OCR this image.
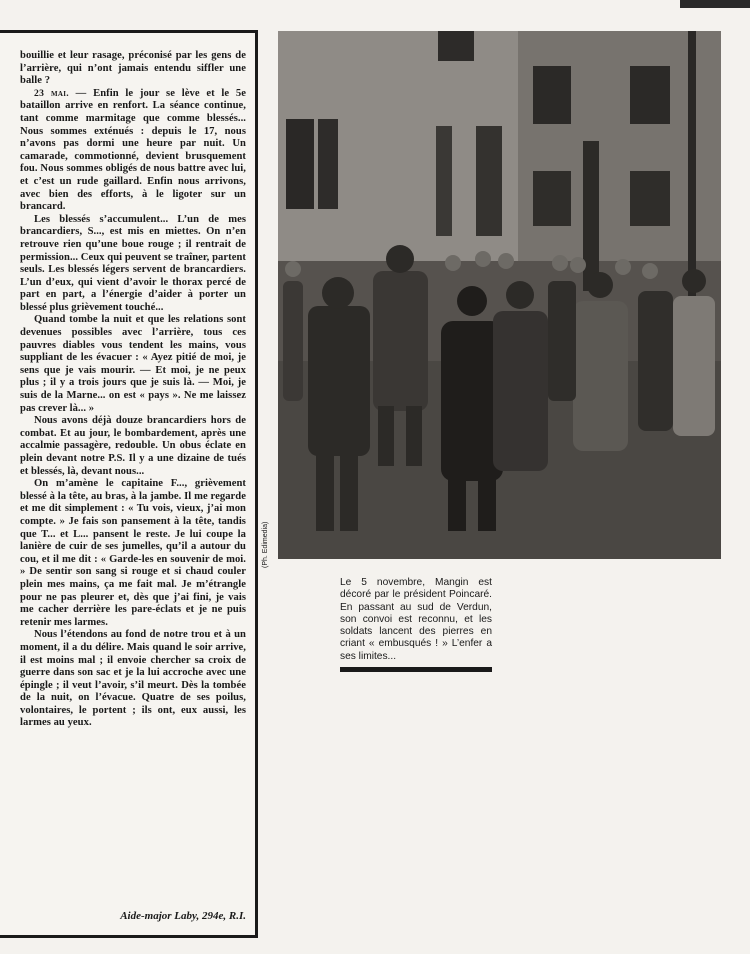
bouillie et leur rasage, préconisé par les gens de l’arrière, qui n’ont jamais entendu siffler une balle ?

23 mai. — Enfin le jour se lève et le 5e bataillon arrive en renfort. La séance continue, tant comme marmitage que comme blessés... Nous sommes exténués : depuis le 17, nous n’avons pas dormi une heure par nuit. Un camarade, commotionné, devient brusquement fou. Nous sommes obligés de nous battre avec lui, et c’est un rude gaillard. Enfin nous arrivons, avec bien des efforts, à le ligoter sur un brancard.

Les blessés s’accumulent... L’un de mes brancardiers, S..., est mis en miettes. On n’en retrouve rien qu’une boue rouge ; il rentrait de permission... Ceux qui peuvent se traîner, partent seuls. Les blessés légers servent de brancardiers. L’un d’eux, qui vient d’avoir le thorax percé de part en part, a l’énergie d’aider à porter un blessé plus grièvement touché...

Quand tombe la nuit et que les relations sont devenues possibles avec l’arrière, tous ces pauvres diables vous tendent les mains, vous suppliant de les évacuer : « Ayez pitié de moi, je sens que je vais mourir. — Et moi, je ne peux plus ; il y a trois jours que je suis là. — Moi, je suis de la Marne... on est « pays ». Ne me laissez pas crever là... »

Nous avons déjà douze brancardiers hors de combat. Et au jour, le bombardement, après une accalmie passagère, redouble. Un obus éclate en plein devant notre P.S. Il y a une dizaine de tués et blessés, là, devant nous...

On m’amène le capitaine F..., grièvement blessé à la tête, au bras, à la jambe. Il me regarde et me dit simplement : « Tu vois, vieux, j’ai mon compte. » Je fais son pansement à la tête, tandis que T... et L... pansent le reste. Je lui coupe la lanière de cuir de ses jumelles, qu’il a autour du cou, et il me dit : « Garde-les en souvenir de moi. » De sentir son sang si rouge et si chaud couler plein mes mains, ça me fait mal. Je m’étrangle pour ne pas pleurer et, dès que j’ai fini, je vais me cacher derrière les pare-éclats et je ne puis retenir mes larmes.

Nous l’étendons au fond de notre trou et à un moment, il a du délire. Mais quand le soir arrive, il est moins mal ; il envoie chercher sa croix de guerre dans son sac et je la lui accroche avec une épingle ; il veut l’avoir, s’il meurt. Dès la tombée de la nuit, on l’évacue. Quatre de ses poilus, volontaires, le portent ; ils ont, eux aussi, les larmes au yeux.

Aide-major Laby, 294e, R.I.
(Ph. Edimedia)
Le 5 novembre, Mangin est décoré par le président Poincaré. En passant au sud de Verdun, son convoi est reconnu, et les soldats lancent des pierres en criant « embusqués ! » L’enfer a ses limites...
